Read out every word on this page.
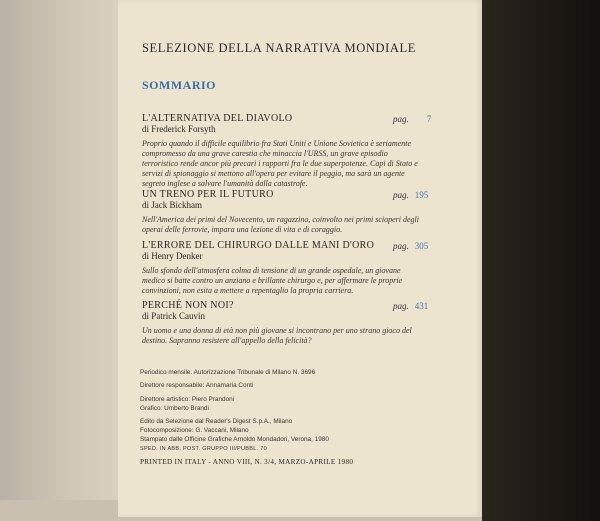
SELEZIONE DELLA NARRATIVA MONDIALE
SOMMARIO
L'ALTERNATIVA DEL DIAVOLO
di Frederick Forsyth
Proprio quando il difficile equilibrio fra Stati Uniti e Unione Sovietica è seriamente compromesso da una grave carestia che minaccia l'URSS, un grave episodio terroristico rende ancor più precari i rapporti fra le due superpotenze. Capi di Stato e servizi di spionaggio si mettono all'opera per evitare il peggio, ma sarà un agente segreto inglese a salvare l'umanità dalla catastrofe.
pag. 7
UN TRENO PER IL FUTURO
di Jack Bickham
Nell'America dei primi del Novecento, un ragazzino, coinvolto nei primi scioperi degli operai delle ferrovie, impara una lezione di vita e di coraggio.
pag. 195
L'ERRORE DEL CHIRURGO DALLE MANI D'ORO
di Henry Denker
Sullo sfondo dell'atmosfera colma di tensione di un grande ospedale, un giovane medico si batte contro un anziano e brillante chirurgo e, per affermare le proprie convinzioni, non esita a mettere a repentaglio la propria carriera.
pag. 305
PERCHÉ NON NOI?
di Patrick Cauvin
Un uomo e una donna di età non più giovane si incontrano per uno strano gioco del destino. Sapranno resistere all'appello della felicità?
pag. 431
Periodico mensile. Autorizzazione Tribunale di Milano N. 3696
Direttore responsabile: Annamaria Conti
Direttore artistico: Piero Prandoni
Grafico: Umberto Brandi
Edito da Selezione dal Reader's Digest S.p.A., Milano
Fotocomposizione: G. Vaccani, Milano
Stampato dalle Officine Grafiche Arnoldo Mondadori, Verona, 1980
SPED. IN ABB. POST. GRUPPO III/PUBBL. 70
PRINTED IN ITALY - ANNO VIII, N. 3/4, MARZO-APRILE 1980
